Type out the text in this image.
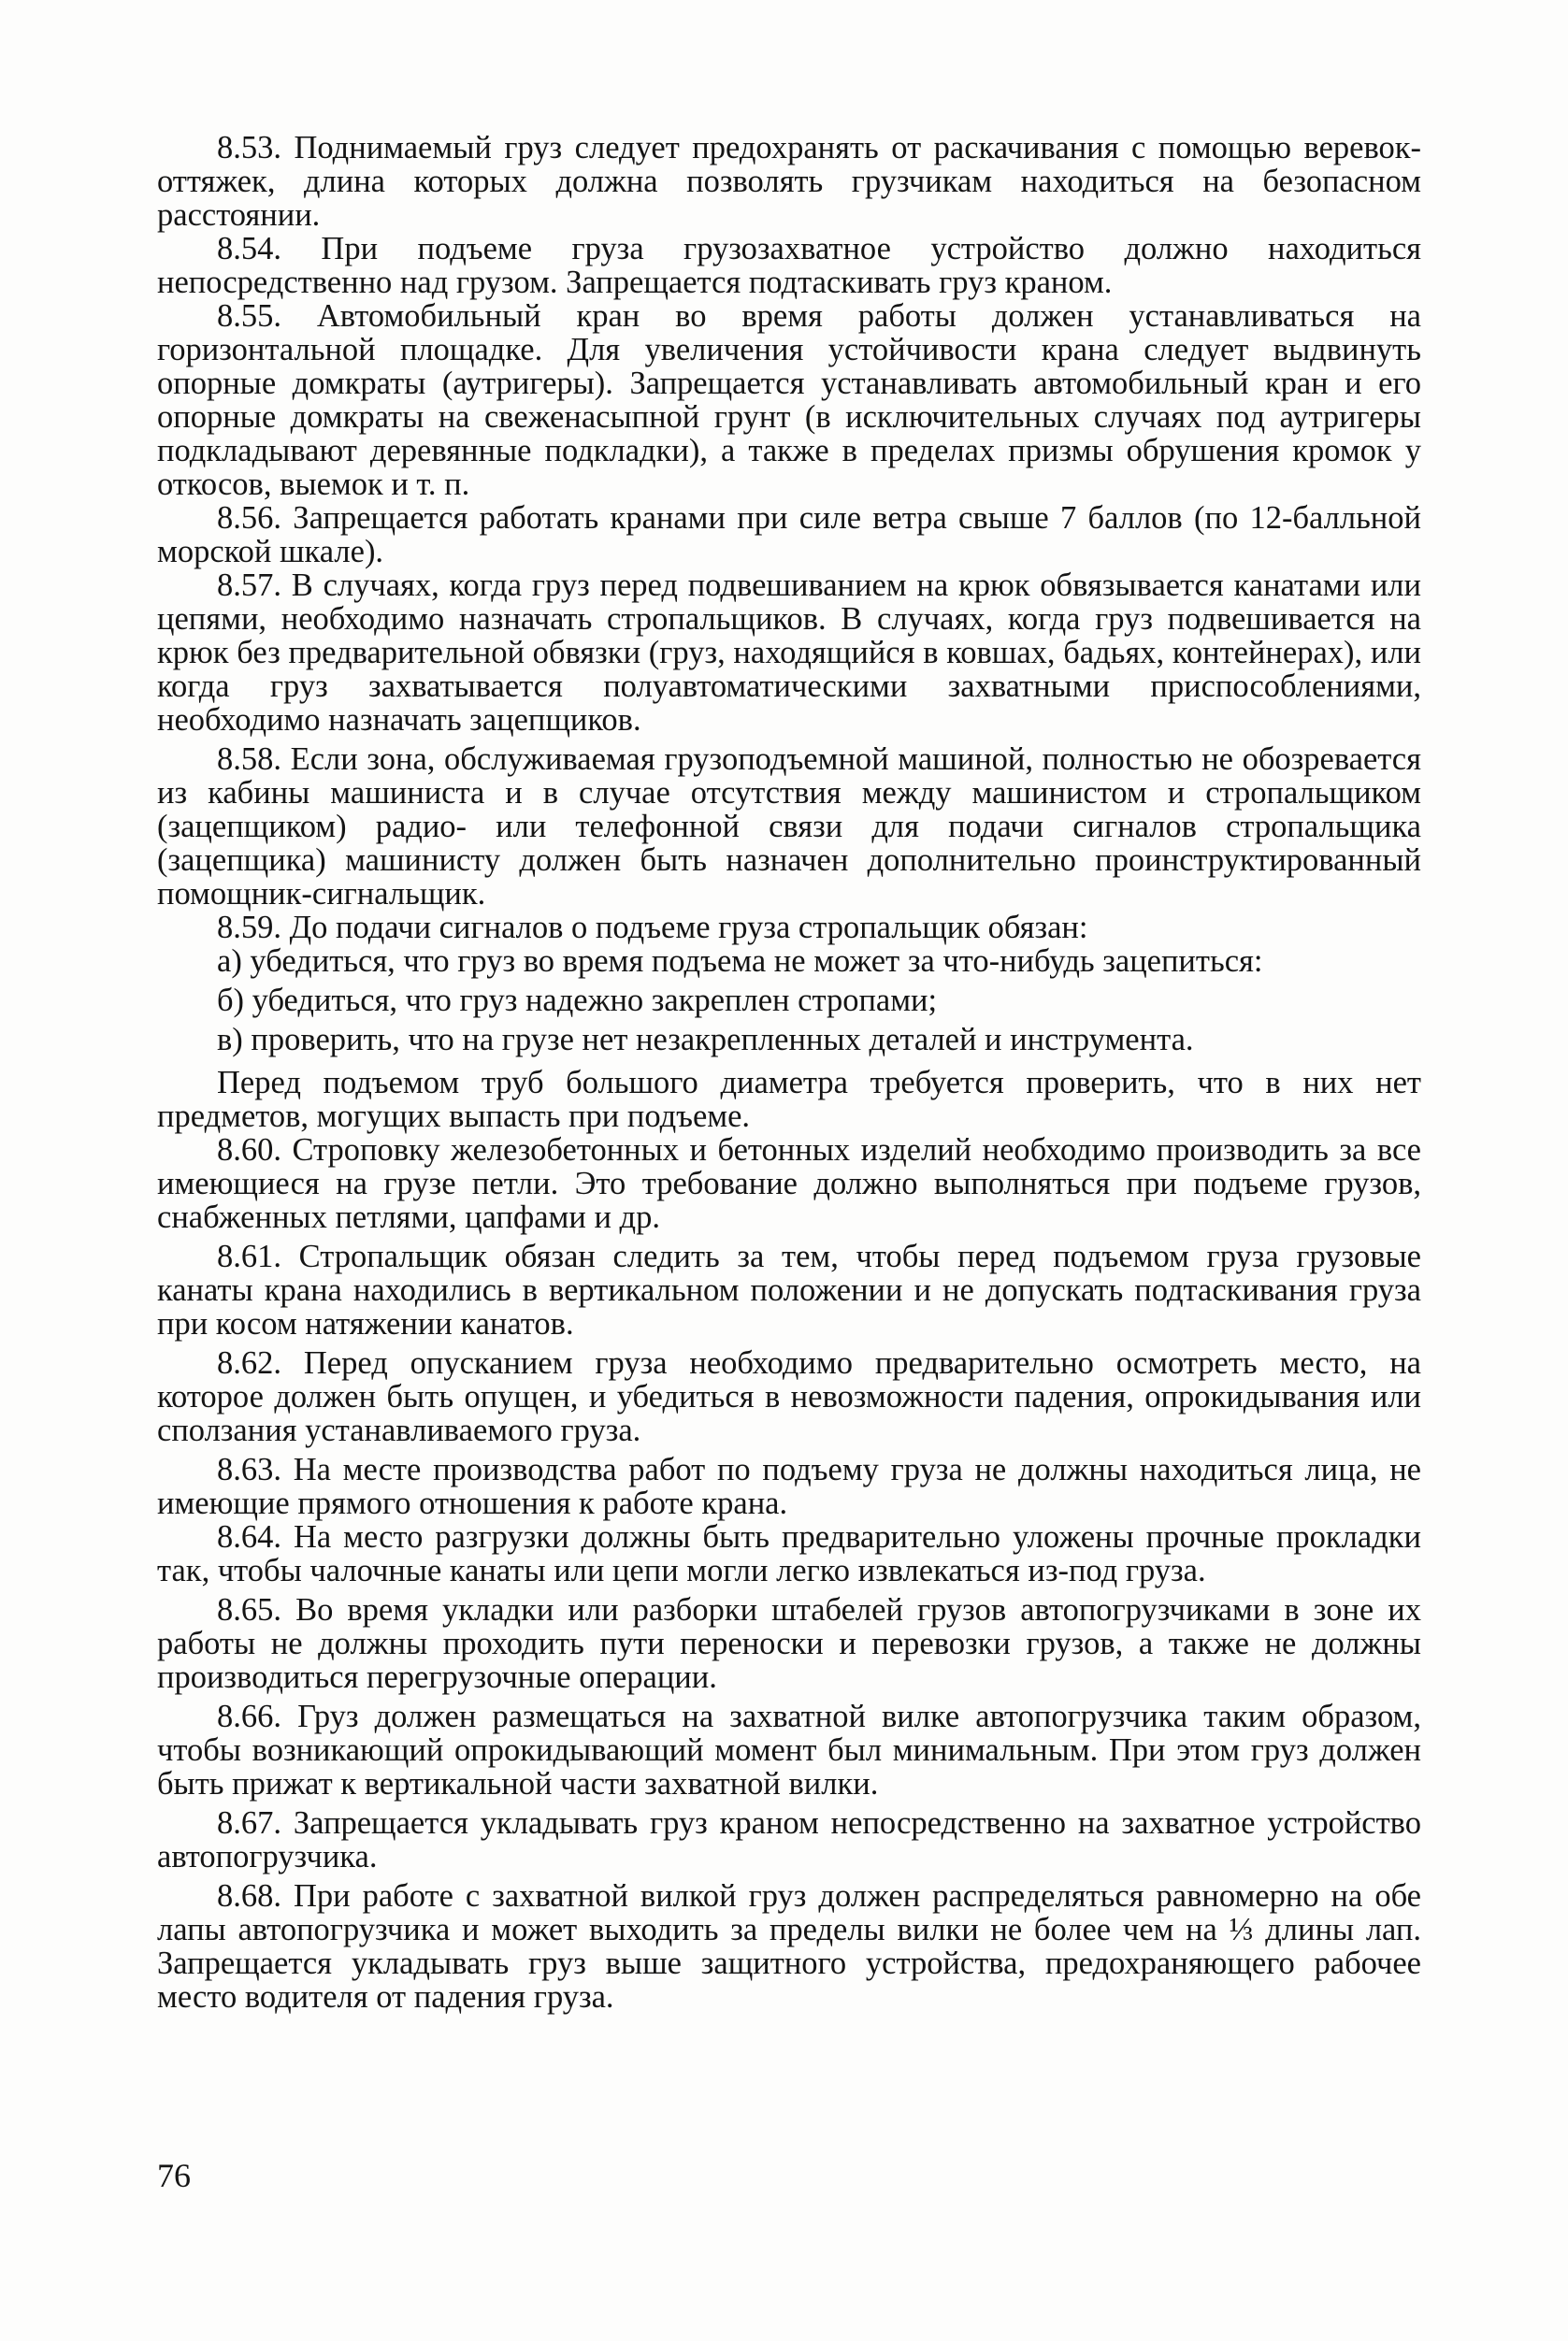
8.53. Поднимаемый груз следует предохранять от раскачивания с помощью веревок-оттяжек, длина которых должна позволять грузчикам находиться на безопасном расстоянии.

8.54. При подъеме груза грузозахватное устройство должно находиться непосредственно над грузом. Запрещается подтаскивать груз краном.

8.55. Автомобильный кран во время работы должен устанавливаться на горизонтальной площадке. Для увеличения устойчивости крана следует выдвинуть опорные домкраты (аутригеры). Запрещается устанавливать автомобильный кран и его опорные домкраты на свеженасыпной грунт (в исключительных случаях под аутригеры подкладывают деревянные подкладки), а также в пределах призмы обрушения кромок у откосов, выемок и т. п.

8.56. Запрещается работать кранами при силе ветра свыше 7 баллов (по 12-балльной морской шкале).

8.57. В случаях, когда груз перед подвешиванием на крюк обвязывается канатами или цепями, необходимо назначать стропальщиков. В случаях, когда груз подвешивается на крюк без предварительной обвязки (груз, находящийся в ковшах, бадьях, контейнерах), или когда груз захватывается полуавтоматическими захватными приспособлениями, необходимо назначать зацепщиков.

8.58. Если зона, обслуживаемая грузоподъемной машиной, полностью не обозревается из кабины машиниста и в случае отсутствия между машинистом и стропальщиком (зацепщиком) радио- или телефонной связи для подачи сигналов стропальщика (зацепщика) машинисту должен быть назначен дополнительно проинструктированный помощник-сигнальщик.

8.59. До подачи сигналов о подъеме груза стропальщик обязан:

а) убедиться, что груз во время подъема не может за что-нибудь зацепиться:

б) убедиться, что груз надежно закреплен стропами;

в) проверить, что на грузе нет незакрепленных деталей и инструмента.

Перед подъемом труб большого диаметра требуется проверить, что в них нет предметов, могущих выпасть при подъеме.

8.60. Строповку железобетонных и бетонных изделий необходимо производить за все имеющиеся на грузе петли. Это требование должно выполняться при подъеме грузов, снабженных петлями, цапфами и др.

8.61. Стропальщик обязан следить за тем, чтобы перед подъемом груза грузовые канаты крана находились в вертикальном положении и не допускать подтаскивания груза при косом натяжении канатов.

8.62. Перед опусканием груза необходимо предварительно осмотреть место, на которое должен быть опущен, и убедиться в невозможности падения, опрокидывания или сползания устанавливаемого груза.

8.63. На месте производства работ по подъему груза не должны находиться лица, не имеющие прямого отношения к работе крана.

8.64. На место разгрузки должны быть предварительно уложены прочные прокладки так, чтобы чалочные канаты или цепи могли легко извлекаться из-под груза.

8.65. Во время укладки или разборки штабелей грузов автопогрузчиками в зоне их работы не должны проходить пути переноски и перевозки грузов, а также не должны производиться перегрузочные операции.

8.66. Груз должен размещаться на захватной вилке автопогрузчика таким образом, чтобы возникающий опрокидывающий момент был минимальным. При этом груз должен быть прижат к вертикальной части захватной вилки.

8.67. Запрещается укладывать груз краном непосредственно на захватное устройство автопогрузчика.

8.68. При работе с захватной вилкой груз должен распределяться равномерно на обе лапы автопогрузчика и может выходить за пределы вилки не более чем на ⅓ длины лап. Запрещается укладывать груз выше защитного устройства, предохраняющего рабочее место водителя от падения груза.

76
